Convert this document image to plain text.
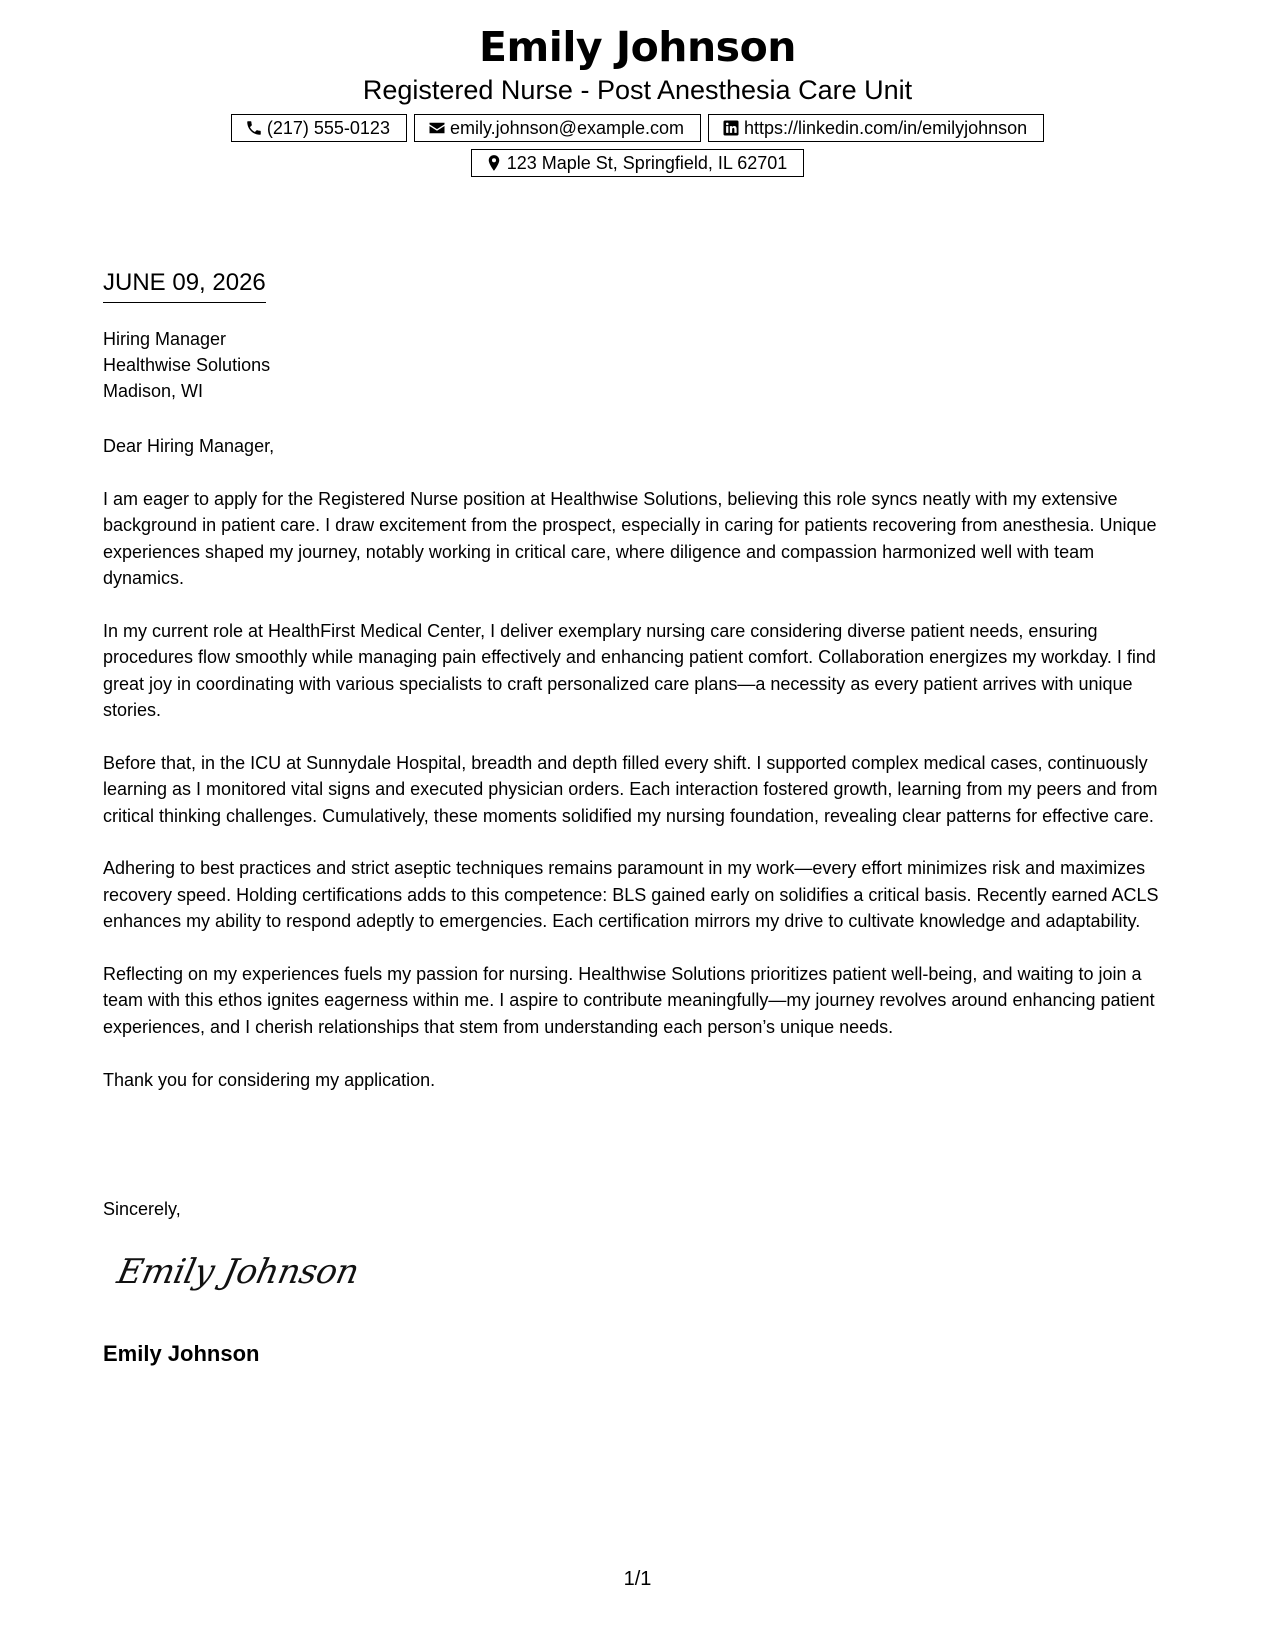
Emily Johnson
Registered Nurse - Post Anesthesia Care Unit
(217) 555-0123	emily.johnson@example.com	https://linkedin.com/in/emilyjohnson
123 Maple St, Springfield, IL 62701
JUNE 09, 2026
Hiring Manager
Healthwise Solutions
Madison, WI

Dear Hiring Manager,

I am eager to apply for the Registered Nurse position at Healthwise Solutions, believing this role syncs neatly with my extensive background in patient care. I draw excitement from the prospect, especially in caring for patients recovering from anesthesia. Unique experiences shaped my journey, notably working in critical care, where diligence and compassion harmonized well with team dynamics.

In my current role at HealthFirst Medical Center, I deliver exemplary nursing care considering diverse patient needs, ensuring procedures flow smoothly while managing pain effectively and enhancing patient comfort. Collaboration energizes my workday. I find great joy in coordinating with various specialists to craft personalized care plans—a necessity as every patient arrives with unique stories.

Before that, in the ICU at Sunnydale Hospital, breadth and depth filled every shift. I supported complex medical cases, continuously learning as I monitored vital signs and executed physician orders. Each interaction fostered growth, learning from my peers and from critical thinking challenges. Cumulatively, these moments solidified my nursing foundation, revealing clear patterns for effective care.

Adhering to best practices and strict aseptic techniques remains paramount in my work—every effort minimizes risk and maximizes recovery speed. Holding certifications adds to this competence: BLS gained early on solidifies a critical basis. Recently earned ACLS enhances my ability to respond adeptly to emergencies. Each certification mirrors my drive to cultivate knowledge and adaptability.

Reflecting on my experiences fuels my passion for nursing. Healthwise Solutions prioritizes patient well-being, and waiting to join a team with this ethos ignites eagerness within me. I aspire to contribute meaningfully—my journey revolves around enhancing patient experiences, and I cherish relationships that stem from understanding each person’s unique needs.

Thank you for considering my application.

Sincerely,
Emily Johnson
Emily Johnson
1/1
